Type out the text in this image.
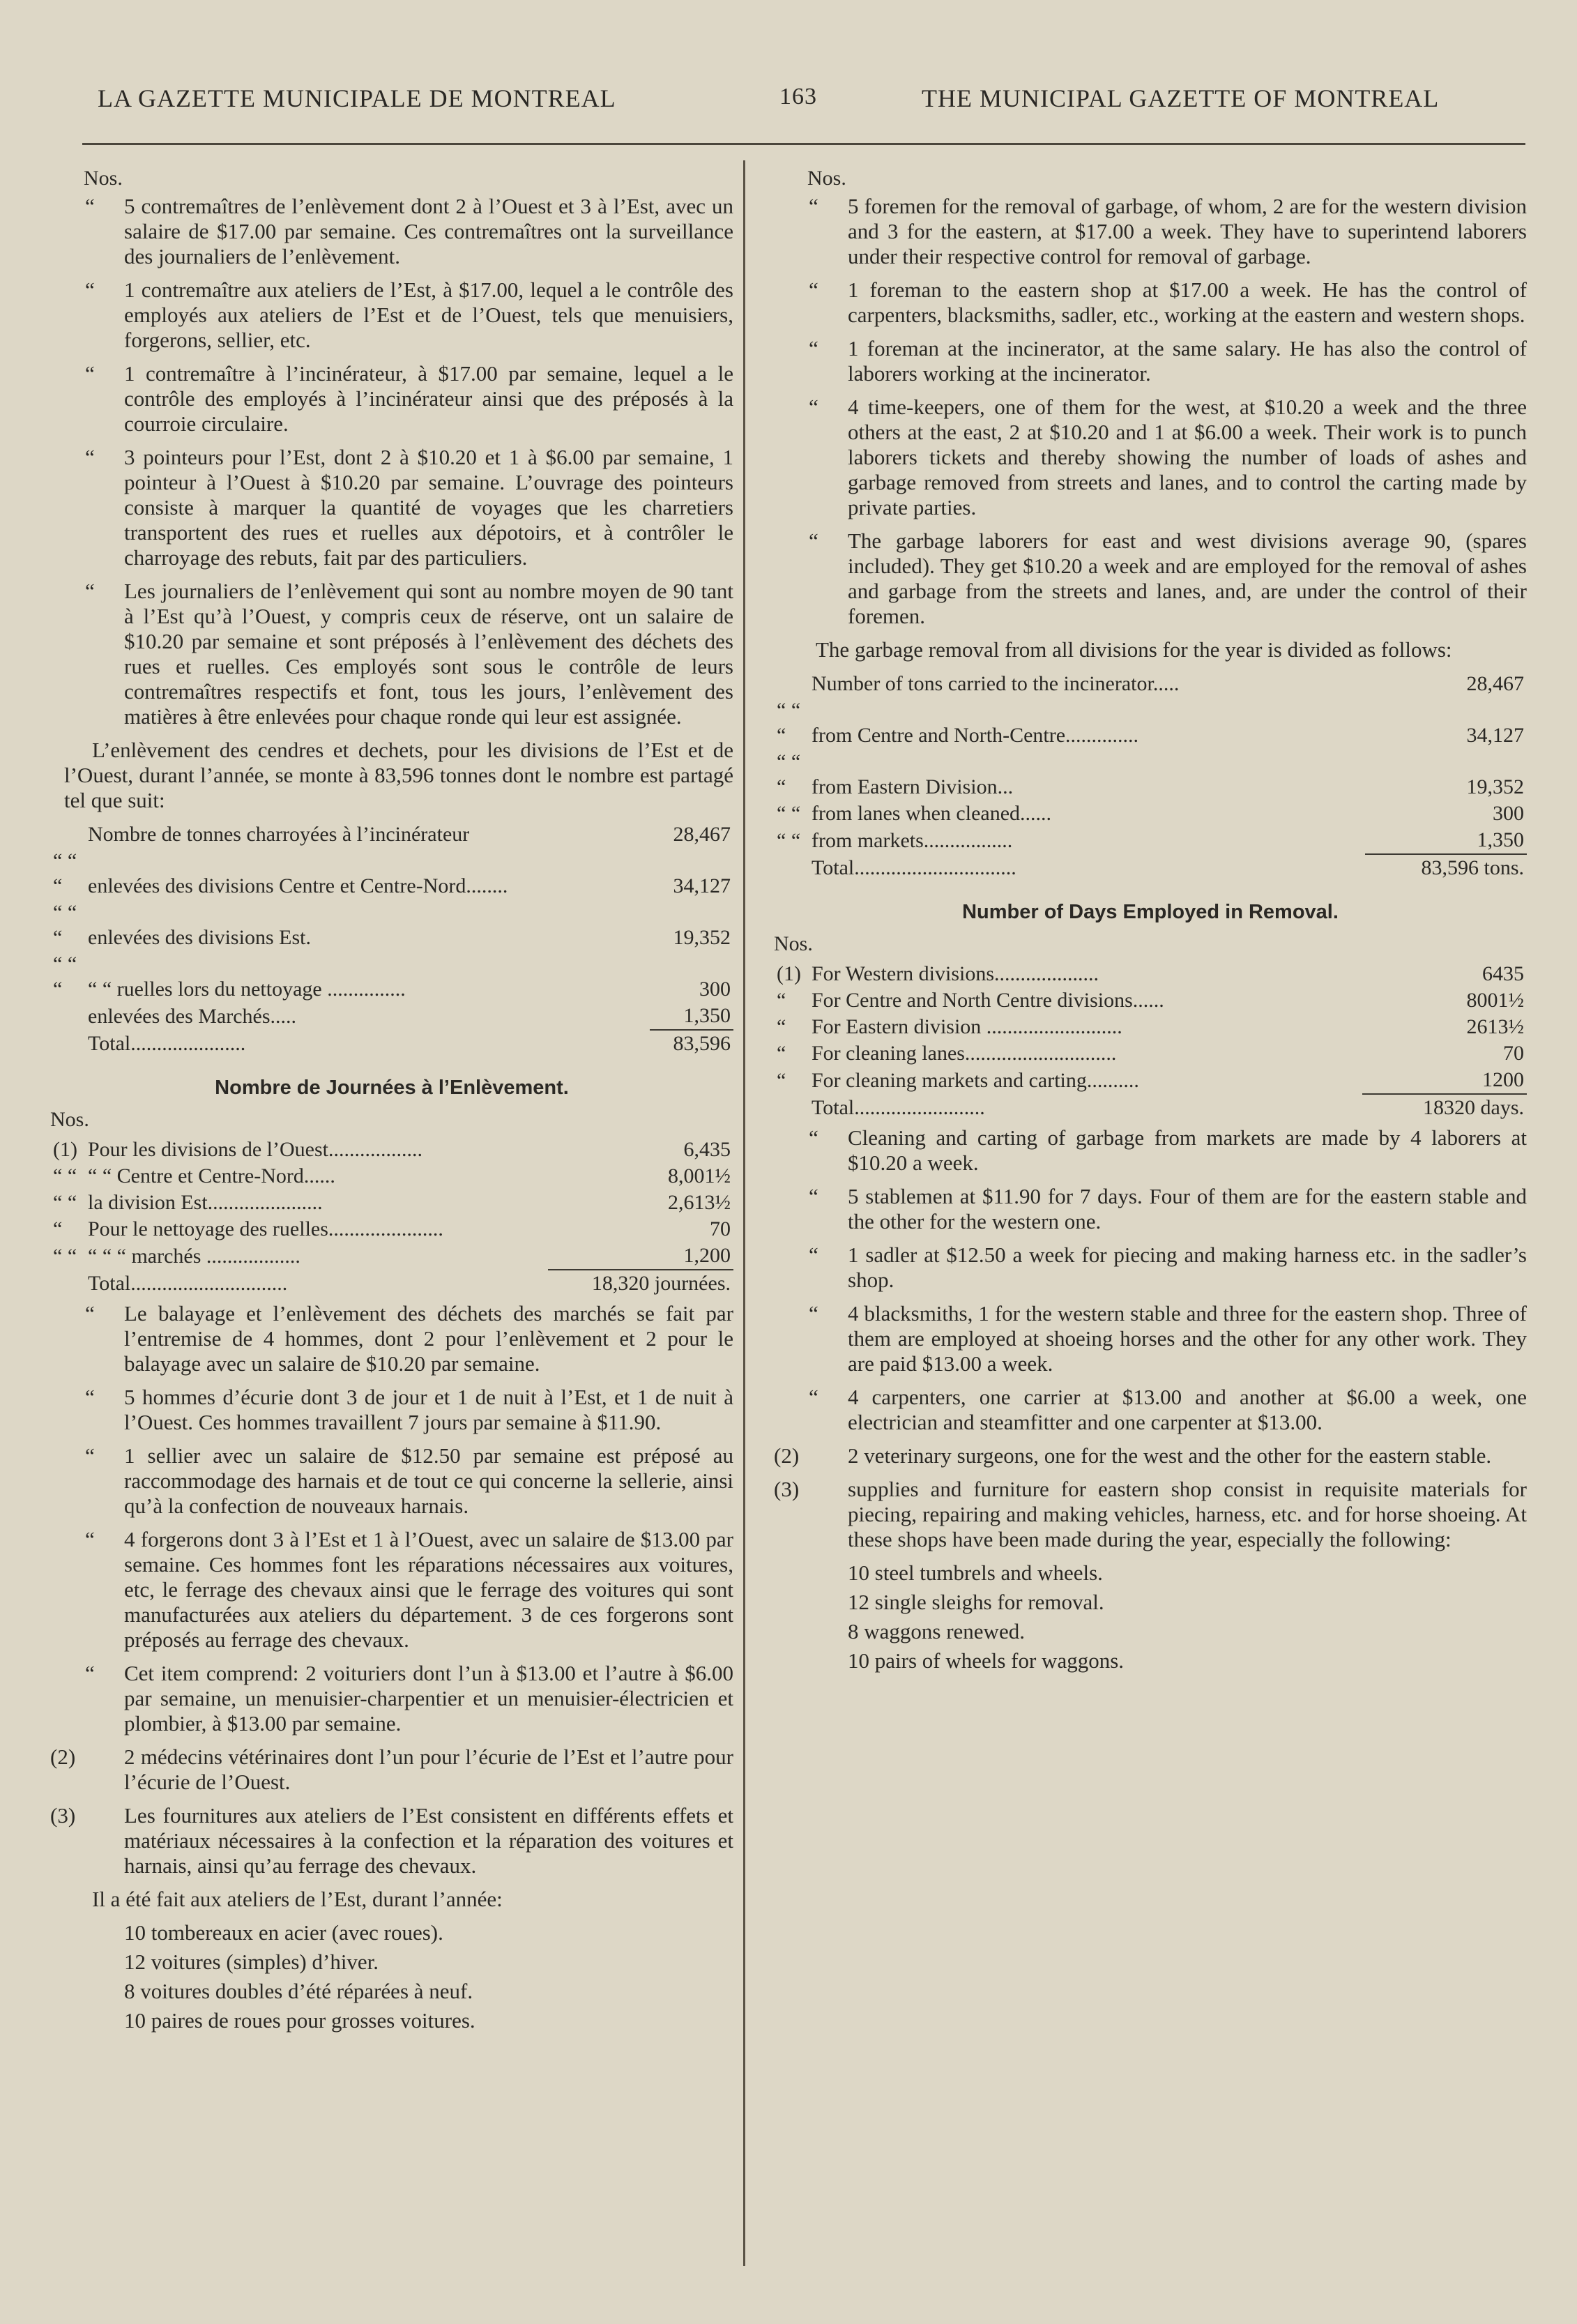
LA GAZETTE MUNICIPALE DE MONTREAL	163	THE MUNICIPAL GAZETTE OF MONTREAL
Nos.
“ 5 contremaîtres de l’enlèvement dont 2 à l’Ouest et 3 à l’Est, avec un salaire de $17.00 par semaine. Ces contremaîtres ont la surveillance des journaliers de l’enlèvement.
“ 1 contremaître aux ateliers de l’Est, à $17.00, lequel a le contrôle des employés aux ateliers de l’Est et de l’Ouest, tels que menuisiers, forgerons, sellier, etc.
“ 1 contremaître à l’incinérateur, à $17.00 par semaine, lequel a le contrôle des employés à l’incinérateur ainsi que des préposés à la courroie circulaire.
“ 3 pointeurs pour l’Est, dont 2 à $10.20 et 1 à $6.00 par semaine, 1 pointeur à l’Ouest à $10.20 par semaine. L’ouvrage des pointeurs consiste à marquer la quantité de voyages que les charretiers transportent des rues et ruelles aux dépotoirs, et à contrôler le charroyage des rebuts, fait par des particuliers.
“ Les journaliers de l’enlèvement qui sont au nombre moyen de 90 tant à l’Est qu’à l’Ouest, y compris ceux de réserve, ont un salaire de $10.20 par semaine et sont préposés à l’enlèvement des déchets des rues et ruelles. Ces employés sont sous le contrôle de leurs contremaîtres respectifs et font, tous les jours, l’enlèvement des matières à être enlevées pour chaque ronde qui leur est assignée.
L’enlèvement des cendres et dechets, pour les divisions de l’Est et de l’Ouest, durant l’année, se monte à 83,596 tonnes dont le nombre est partagé tel que suit:
	Nombre de tonnes charroyées à l’incinérateur	28,467
“ “ “	enlevées des divisions Centre et Centre-Nord........	34,127
“ “ “	enlevées des divisions Est.	19,352
“ “ “	“ “ ruelles lors du nettoyage ...............	300
	enlevées des Marchés.....	1,350
	Total......................	83,596
Nombre de Journées à l’Enlèvement.
Nos.
(1)	Pour les divisions de l’Ouest..................	6,435
“ “	“ “ Centre et Centre-Nord......	8,001½
“ “	la division Est......................	2,613½
“	Pour le nettoyage des ruelles......................	70
“ “	“ “ “ marchés ..................	1,200
	Total..............................	18,320 journées.
“ Le balayage et l’enlèvement des déchets des marchés se fait par l’entremise de 4 hommes, dont 2 pour l’enlèvement et 2 pour le balayage avec un salaire de $10.20 par semaine.
“ 5 hommes d’écurie dont 3 de jour et 1 de nuit à l’Est, et 1 de nuit à l’Ouest. Ces hommes travaillent 7 jours par semaine à $11.90.
“ 1 sellier avec un salaire de $12.50 par semaine est préposé au raccommodage des harnais et de tout ce qui concerne la sellerie, ainsi qu’à la confection de nouveaux harnais.
“ 4 forgerons dont 3 à l’Est et 1 à l’Ouest, avec un salaire de $13.00 par semaine. Ces hommes font les réparations nécessaires aux voitures, etc, le ferrage des chevaux ainsi que le ferrage des voitures qui sont manufacturées aux ateliers du département. 3 de ces forgerons sont préposés au ferrage des chevaux.
“ Cet item comprend: 2 voituriers dont l’un à $13.00 et l’autre à $6.00 par semaine, un menuisier-charpentier et un menuisier-électricien et plombier, à $13.00 par semaine.
(2) 2 médecins vétérinaires dont l’un pour l’écurie de l’Est et l’autre pour l’écurie de l’Ouest.
(3) Les fournitures aux ateliers de l’Est consistent en différents effets et matériaux nécessaires à la confection et la réparation des voitures et harnais, ainsi qu’au ferrage des chevaux.
Il a été fait aux ateliers de l’Est, durant l’année:
10 tombereaux en acier (avec roues).
12 voitures (simples) d’hiver.
8 voitures doubles d’été réparées à neuf.
10 paires de roues pour grosses voitures.
Nos.
“ 5 foremen for the removal of garbage, of whom, 2 are for the western division and 3 for the eastern, at $17.00 a week. They have to superintend laborers under their respective control for removal of garbage.
“ 1 foreman to the eastern shop at $17.00 a week. He has the control of carpenters, blacksmiths, sadler, etc., working at the eastern and western shops.
“ 1 foreman at the incinerator, at the same salary. He has also the control of laborers working at the incinerator.
“ 4 time-keepers, one of them for the west, at $10.20 a week and the three others at the east, 2 at $10.20 and 1 at $6.00 a week. Their work is to punch laborers tickets and thereby showing the number of loads of ashes and garbage removed from streets and lanes, and to control the carting made by private parties.
“ The garbage laborers for east and west divisions average 90, (spares included). They get $10.20 a week and are employed for the removal of ashes and garbage from the streets and lanes, and, are under the control of their foremen.
The garbage removal from all divisions for the year is divided as follows:
	Number of tons carried to the incinerator.....	28,467
“ “ “	from Centre and North-Centre..............	34,127
“ “ “	from Eastern Division...	19,352
“ “	from lanes when cleaned......	300
“ “	from markets.................	1,350
	Total...............................	83,596 tons.
Number of Days Employed in Removal.
Nos.
(1)	For Western divisions....................	6435
“	For Centre and North Centre divisions......	8001½
“	For Eastern division ..........................	2613½
“	For cleaning lanes.............................	70
“	For cleaning markets and carting..........	1200
	Total.........................	18320 days.
“ Cleaning and carting of garbage from markets are made by 4 laborers at $10.20 a week.
“ 5 stablemen at $11.90 for 7 days. Four of them are for the eastern stable and the other for the western one.
“ 1 sadler at $12.50 a week for piecing and making harness etc. in the sadler’s shop.
“ 4 blacksmiths, 1 for the western stable and three for the eastern shop. Three of them are employed at shoeing horses and the other for any other work. They are paid $13.00 a week.
“ 4 carpenters, one carrier at $13.00 and another at $6.00 a week, one electrician and steamfitter and one carpenter at $13.00.
(2) 2 veterinary surgeons, one for the west and the other for the eastern stable.
(3) supplies and furniture for eastern shop consist in requisite materials for piecing, repairing and making vehicles, harness, etc. and for horse shoeing. At these shops have been made during the year, especially the following:
10 steel tumbrels and wheels.
12 single sleighs for removal.
8 waggons renewed.
10 pairs of wheels for waggons.
